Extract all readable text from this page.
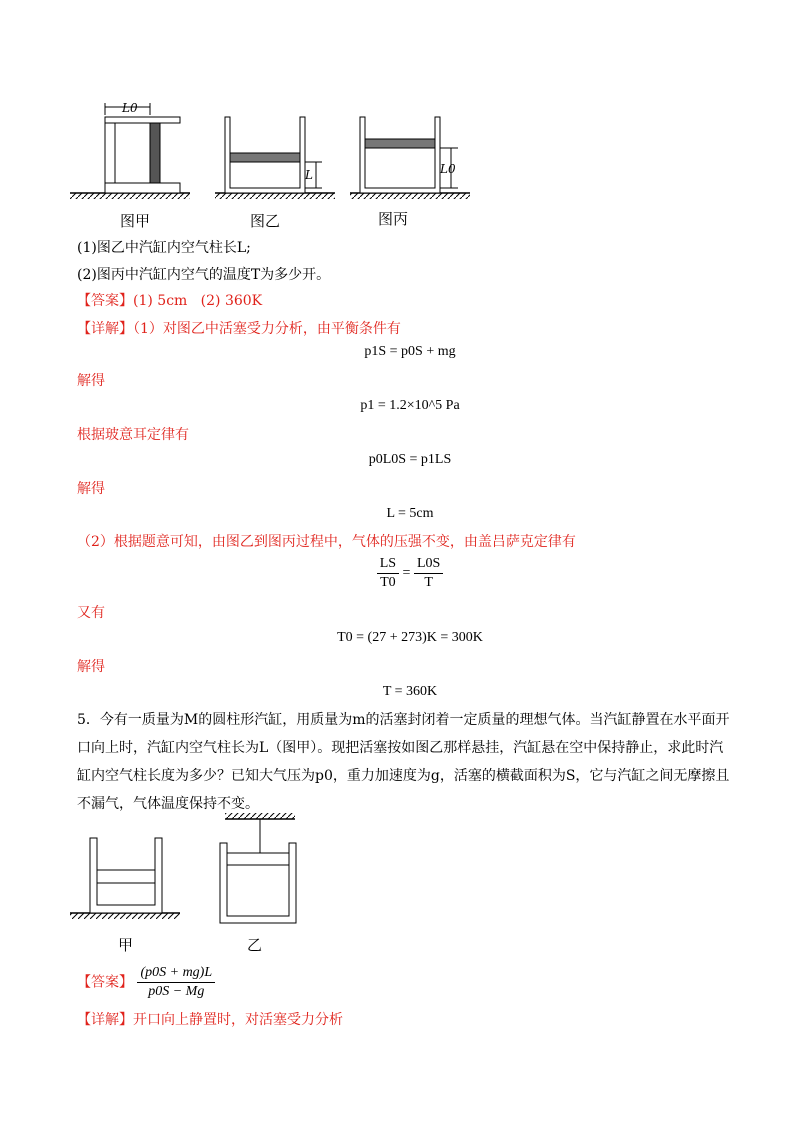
L0
L	L0
图甲	图乙	图丙
(1)图乙中汽缸内空气柱长L;
(2)图丙中汽缸内空气的温度T为多少开。
【答案】(1) 5cm (2) 360K
【详解】（1）对图乙中活塞受力分析，由平衡条件有
p1S = p0S + mg
解得
p1 = 1.2×10^5 Pa
根据玻意耳定律有
p0L0S = p1LS
解得
L = 5cm
（2）根据题意可知，由图乙到图丙过程中，气体的压强不变，由盖吕萨克定律有
$\frac{LS}{T0} = \frac{L0S}{T}$
又有
T0 = (27 + 273)K = 300K
解得
T = 360K
5．今有一质量为M的圆柱形汽缸，用质量为m的活塞封闭着一定质量的理想气体。当汽缸静置在水平面开口向上时，汽缸内空气柱长为L（图甲）。现把活塞按如图乙那样悬挂，汽缸悬在空中保持静止，求此时汽缸内空气柱长度为多少？已知大气压为p0，重力加速度为g，活塞的横截面积为S，它与汽缸之间无摩擦且不漏气，气体温度保持不变。
甲	乙
【答案】 $\frac{(p0S + mg)L}{p0S - Mg}$
【详解】开口向上静置时，对活塞受力分析
